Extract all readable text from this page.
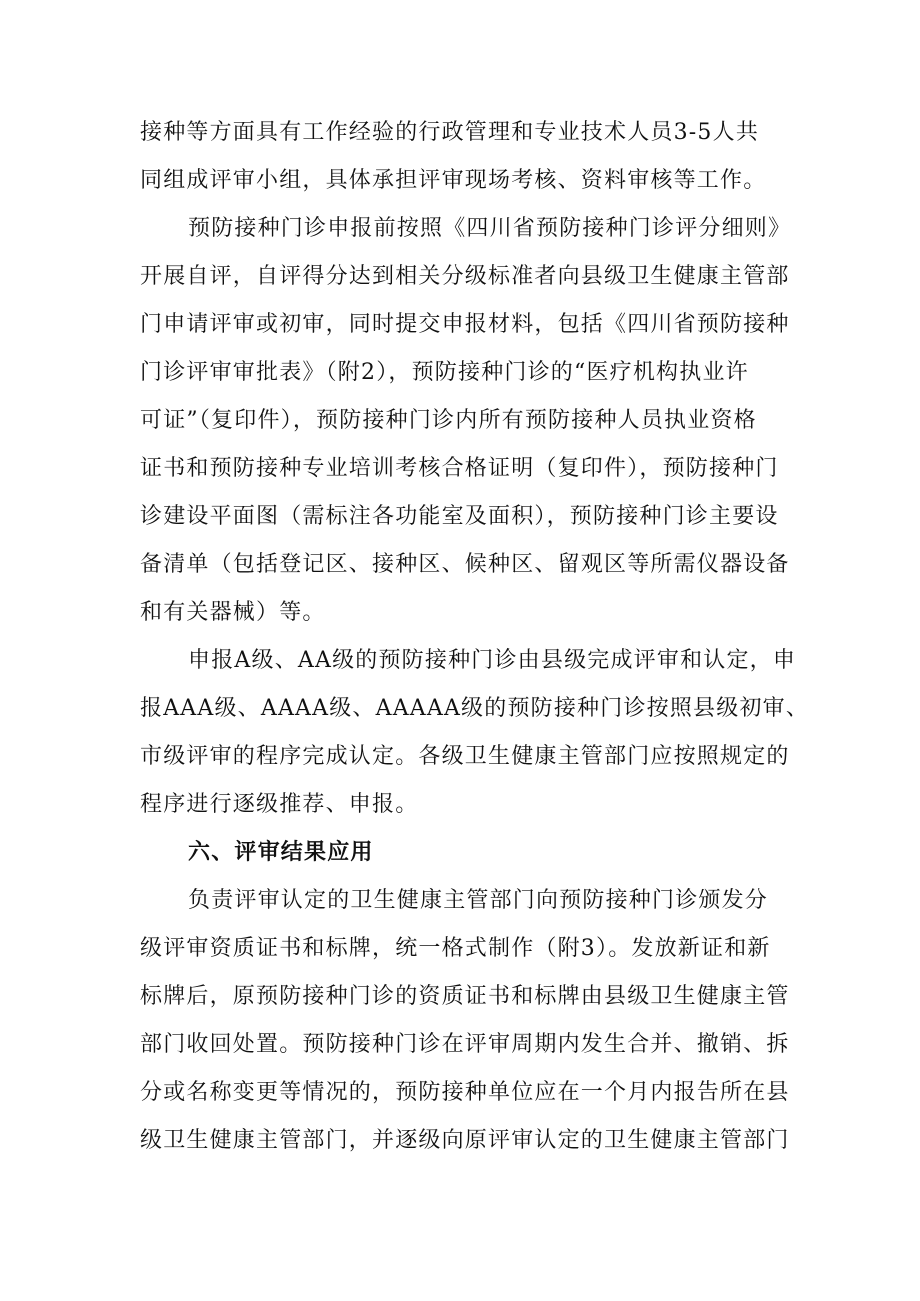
接种等方面具有工作经验的行政管理和专业技术人员3-5人共
同组成评审小组，具体承担评审现场考核、资料审核等工作。
预防接种门诊申报前按照《四川省预防接种门诊评分细则》
开展自评，自评得分达到相关分级标准者向县级卫生健康主管部
门申请评审或初审，同时提交申报材料，包括《四川省预防接种
门诊评审审批表》（附2），预防接种门诊的“医疗机构执业许
可证”（复印件），预防接种门诊内所有预防接种人员执业资格
证书和预防接种专业培训考核合格证明（复印件），预防接种门
诊建设平面图（需标注各功能室及面积），预防接种门诊主要设
备清单（包括登记区、接种区、候种区、留观区等所需仪器设备
和有关器械）等。
申报A级、AA级的预防接种门诊由县级完成评审和认定，申
报AAA级、AAAA级、AAAAA级的预防接种门诊按照县级初审、
市级评审的程序完成认定。各级卫生健康主管部门应按照规定的
程序进行逐级推荐、申报。
六、评审结果应用
负责评审认定的卫生健康主管部门向预防接种门诊颁发分
级评审资质证书和标牌，统一格式制作（附3）。发放新证和新
标牌后，原预防接种门诊的资质证书和标牌由县级卫生健康主管
部门收回处置。预防接种门诊在评审周期内发生合并、撤销、拆
分或名称变更等情况的，预防接种单位应在一个月内报告所在县
级卫生健康主管部门，并逐级向原评审认定的卫生健康主管部门
